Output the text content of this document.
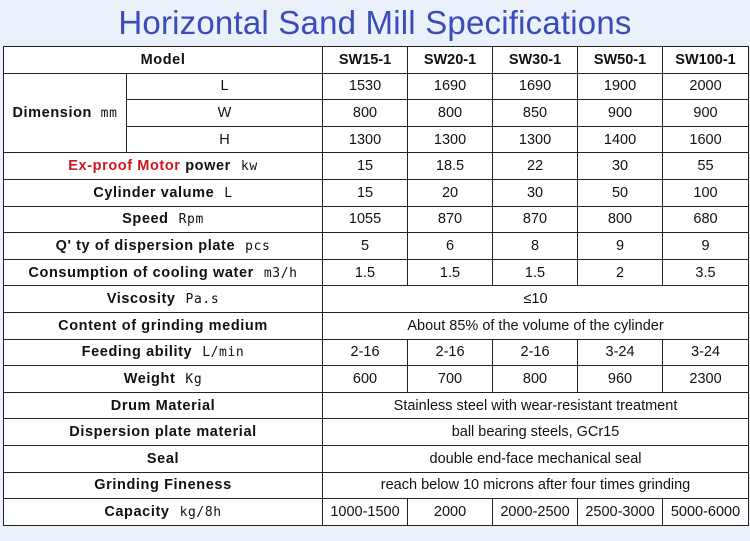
Horizontal Sand Mill Specifications
Model		SW15-1	SW20-1	SW30-1	SW50-1	SW100-1
Dimension mm	L	1530	1690	1690	1900	2000
	W	800	800	850	900	900
	H	1300	1300	1300	1400	1600
Ex-proof Motor power kw		15	18.5	22	30	55
Cylinder valume L		15	20	30	50	100
Speed Rpm		1055	870	870	800	680
Q' ty of dispersion plate pcs		5	6	8	9	9
Consumption of cooling water m3/h		1.5	1.5	1.5	2	3.5
Viscosity Pa.s		≤10				
Content of grinding medium		About 85% of the volume of the cylinder				
Feeding ability L/min		2-16	2-16	2-16	3-24	3-24
Weight Kg		600	700	800	960	2300
Drum Material		Stainless steel with wear-resistant treatment				
Dispersion plate material		ball bearing steels, GCr15				
Seal		double end-face mechanical seal				
Grinding Fineness		reach below 10 microns after four times grinding				
Capacity kg/8h		1000-1500	2000	2000-2500	2500-3000	5000-6000
